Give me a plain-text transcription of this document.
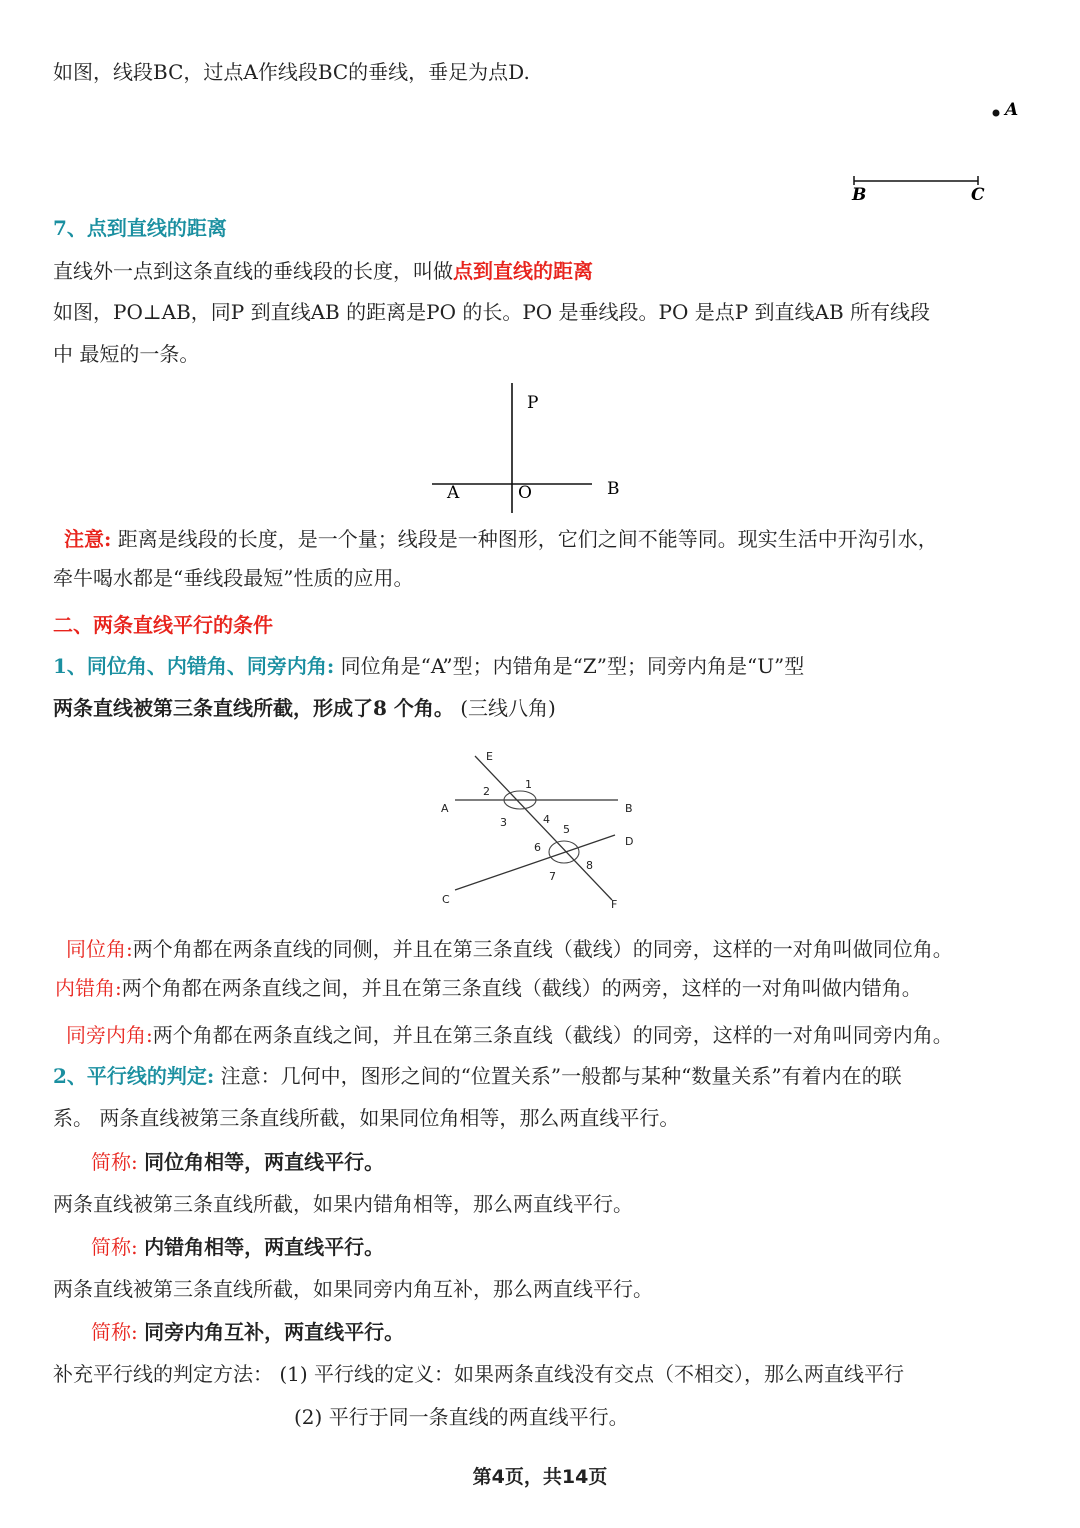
如图，线段BC，过点A作线段BC的垂线，垂足为点D.
A
B	C
7、点到直线的距离
直线外一点到这条直线的垂线段的长度，叫做点到直线的距离
如图，PO⊥AB，同P 到直线AB 的距离是PO 的长。PO 是垂线段。PO 是点P 到直线AB 所有线段
中 最短的一条。
P
A	O	B
注意: 距离是线段的长度，是一个量；线段是一种图形，它们之间不能等同。现实生活中开沟引水，
牵牛喝水都是“垂线段最短”性质的应用。
二、两条直线平行的条件
1、同位角、内错角、同旁内角: 同位角是“A”型；内错角是“Z”型；同旁内角是“U”型
两条直线被第三条直线所截，形成了8 个角。 (三线八角)
E
A	B
C
D
F
1
2
3	4
5
6
7
8
同位角:两个角都在两条直线的同侧，并且在第三条直线（截线）的同旁，这样的一对角叫做同位角。
内错角:两个角都在两条直线之间，并且在第三条直线（截线）的两旁，这样的一对角叫做内错角。
同旁内角:两个角都在两条直线之间，并且在第三条直线（截线）的同旁，这样的一对角叫同旁内角。
2、平行线的判定: 注意：几何中，图形之间的“位置关系”一般都与某种“数量关系”有着内在的联
系。 两条直线被第三条直线所截，如果同位角相等，那么两直线平行。
简称: 同位角相等，两直线平行。
两条直线被第三条直线所截，如果内错角相等，那么两直线平行。
简称: 内错角相等，两直线平行。
两条直线被第三条直线所截，如果同旁内角互补，那么两直线平行。
简称: 同旁内角互补，两直线平行。
补充平行线的判定方法： (1) 平行线的定义：如果两条直线没有交点（不相交），那么两直线平行
(2) 平行于同一条直线的两直线平行。
第4页，共14页
